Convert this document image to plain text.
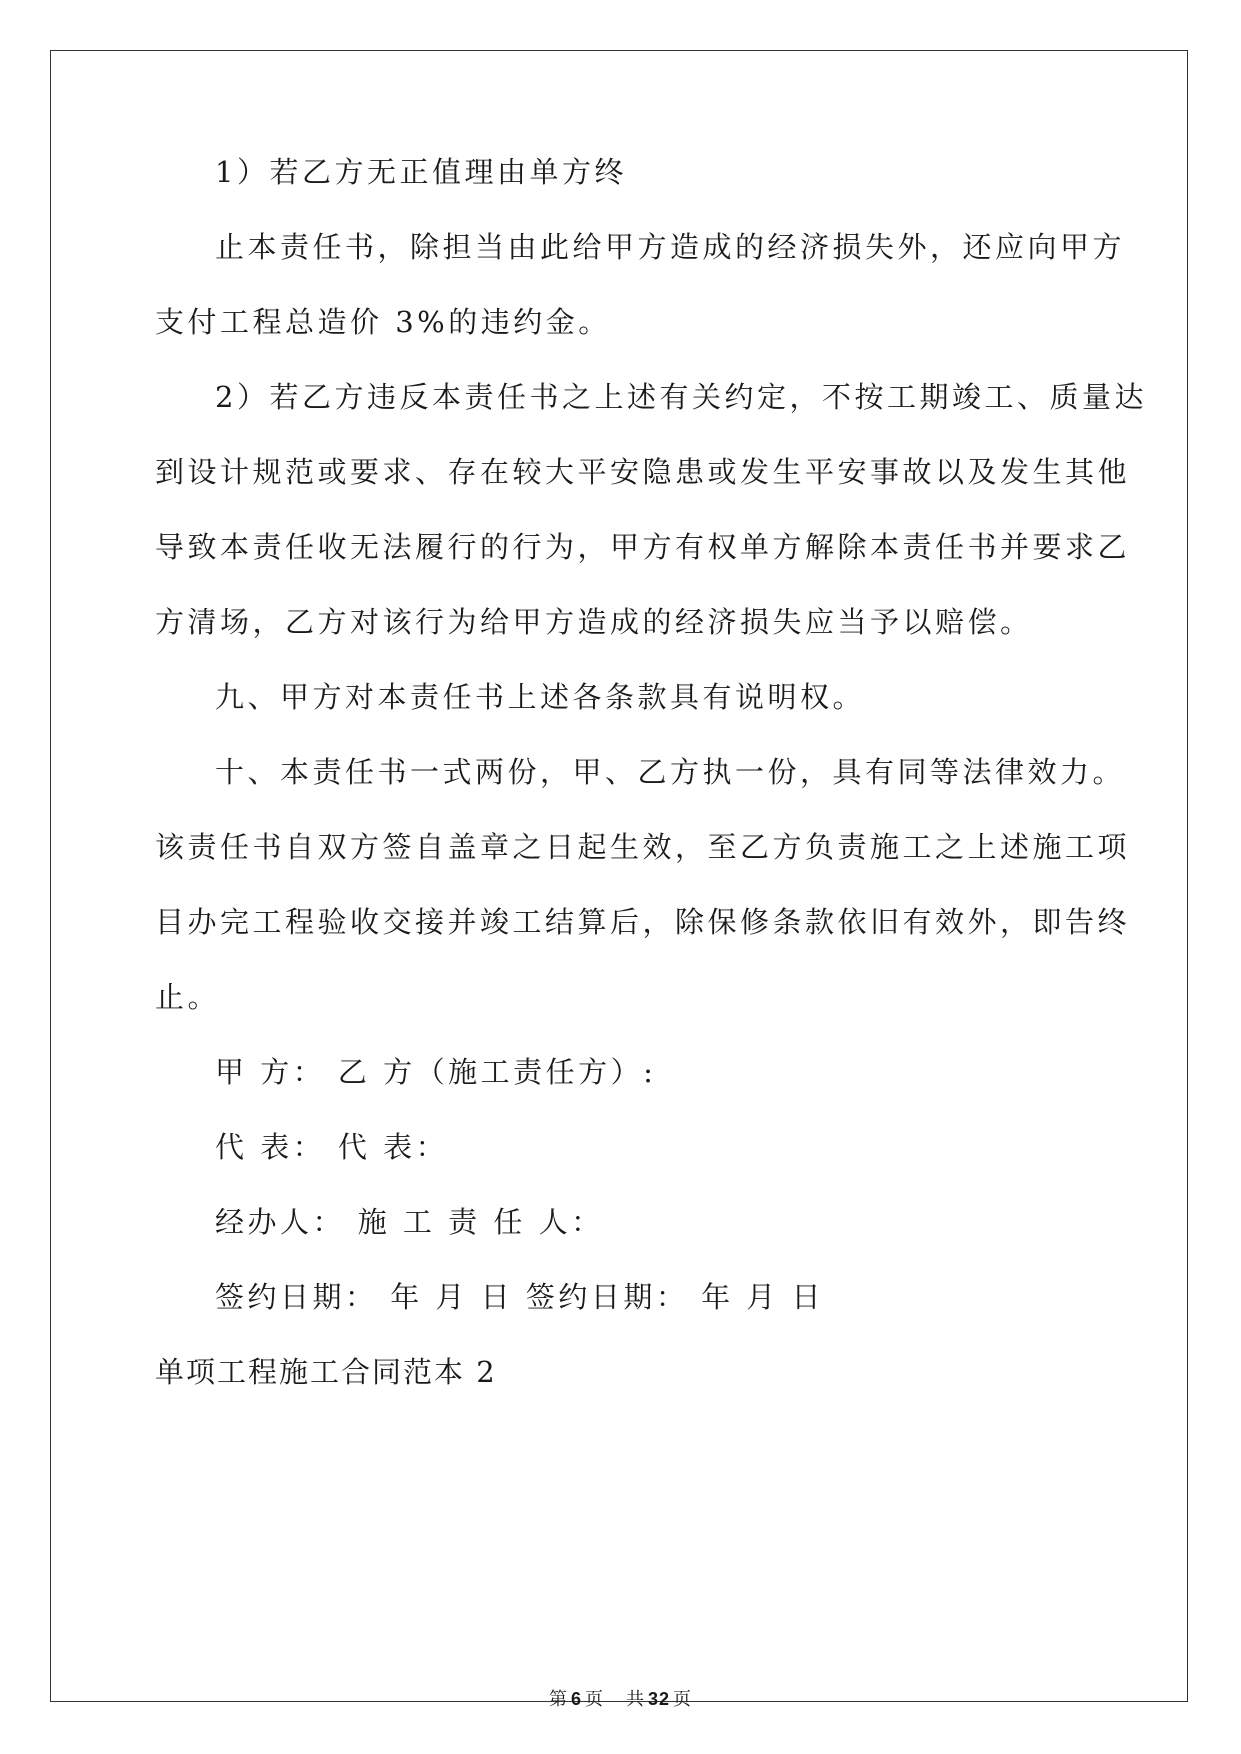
1）若乙方无正值理由单方终
止本责任书，除担当由此给甲方造成的经济损失外，还应向甲方
支付工程总造价 3%的违约金。
2）若乙方违反本责任书之上述有关约定，不按工期竣工、质量达
到设计规范或要求、存在较大平安隐患或发生平安事故以及发生其他
导致本责任收无法履行的行为，甲方有权单方解除本责任书并要求乙
方清场，乙方对该行为给甲方造成的经济损失应当予以赔偿。
九、甲方对本责任书上述各条款具有说明权。
十、本责任书一式两份，甲、乙方执一份，具有同等法律效力。
该责任书自双方签自盖章之日起生效，至乙方负责施工之上述施工项
目办完工程验收交接并竣工结算后，除保修条款依旧有效外，即告终
止。
甲 方： 乙 方（施工责任方）:
代 表： 代 表：
经办人： 施 工 责 任 人：
签约日期： 年 月 日 签约日期： 年 月 日
单项工程施工合同范本 2
第 6 页 共 32 页
